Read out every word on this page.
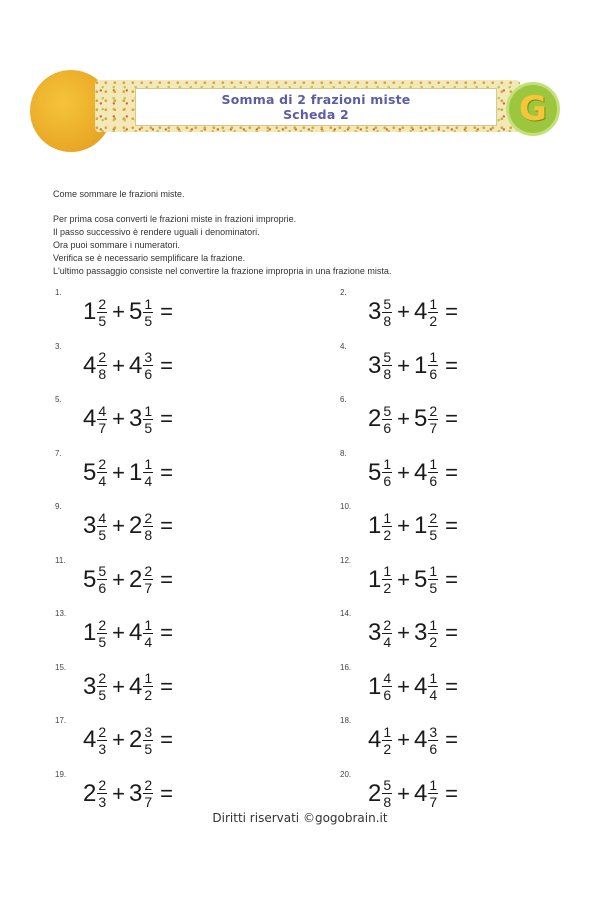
Somma di 2 frazioni miste
Scheda 2	G
Come sommare le frazioni miste.
Per prima cosa converti le frazioni miste in frazioni improprie.
Il passo successivo è rendere uguali i denominatori.
Ora puoi sommare i numeratori.
Verifica se è necessario semplificare la frazione.
L'ultimo passaggio consiste nel convertire la frazione impropria in una frazione mista.
1.
$1 \frac{2}{5} + 5 \frac{1}{5}$ =
2.
$3 \frac{5}{8} + 4 \frac{1}{2}$ =
3.
$4 \frac{2}{8} + 4 \frac{3}{6}$ =
4.
$3 \frac{5}{8} + 1 \frac{1}{6}$ =
5.
$4 \frac{4}{7} + 3 \frac{1}{5}$ =
6.
$2 \frac{5}{6} + 5 \frac{2}{7}$ =
7.
$5 \frac{2}{4} + 1 \frac{1}{4}$ =
8.
$5 \frac{1}{6} + 4 \frac{1}{6}$ =
9.
$3 \frac{4}{5} + 2 \frac{2}{8}$ =
10.
$1 \frac{1}{2} + 1 \frac{2}{5}$ =
11.
$5 \frac{5}{6} + 2 \frac{2}{7}$ =
12.
$1 \frac{1}{2} + 5 \frac{1}{5}$ =
13.
$1 \frac{2}{5} + 4 \frac{1}{4}$ =
14.
$3 \frac{2}{4} + 3 \frac{1}{2}$ =
15.
$3 \frac{2}{5} + 4 \frac{1}{2}$ =
16.
$1 \frac{4}{6} + 4 \frac{1}{4}$ =
17.
$4 \frac{2}{3} + 2 \frac{3}{5}$ =
18.
$4 \frac{1}{2} + 4 \frac{3}{6}$ =
19.
$2 \frac{2}{3} + 3 \frac{2}{7}$ =
20.
$2 \frac{5}{8} + 4 \frac{1}{7}$ =
Diritti riservati ©gogobrain.it
